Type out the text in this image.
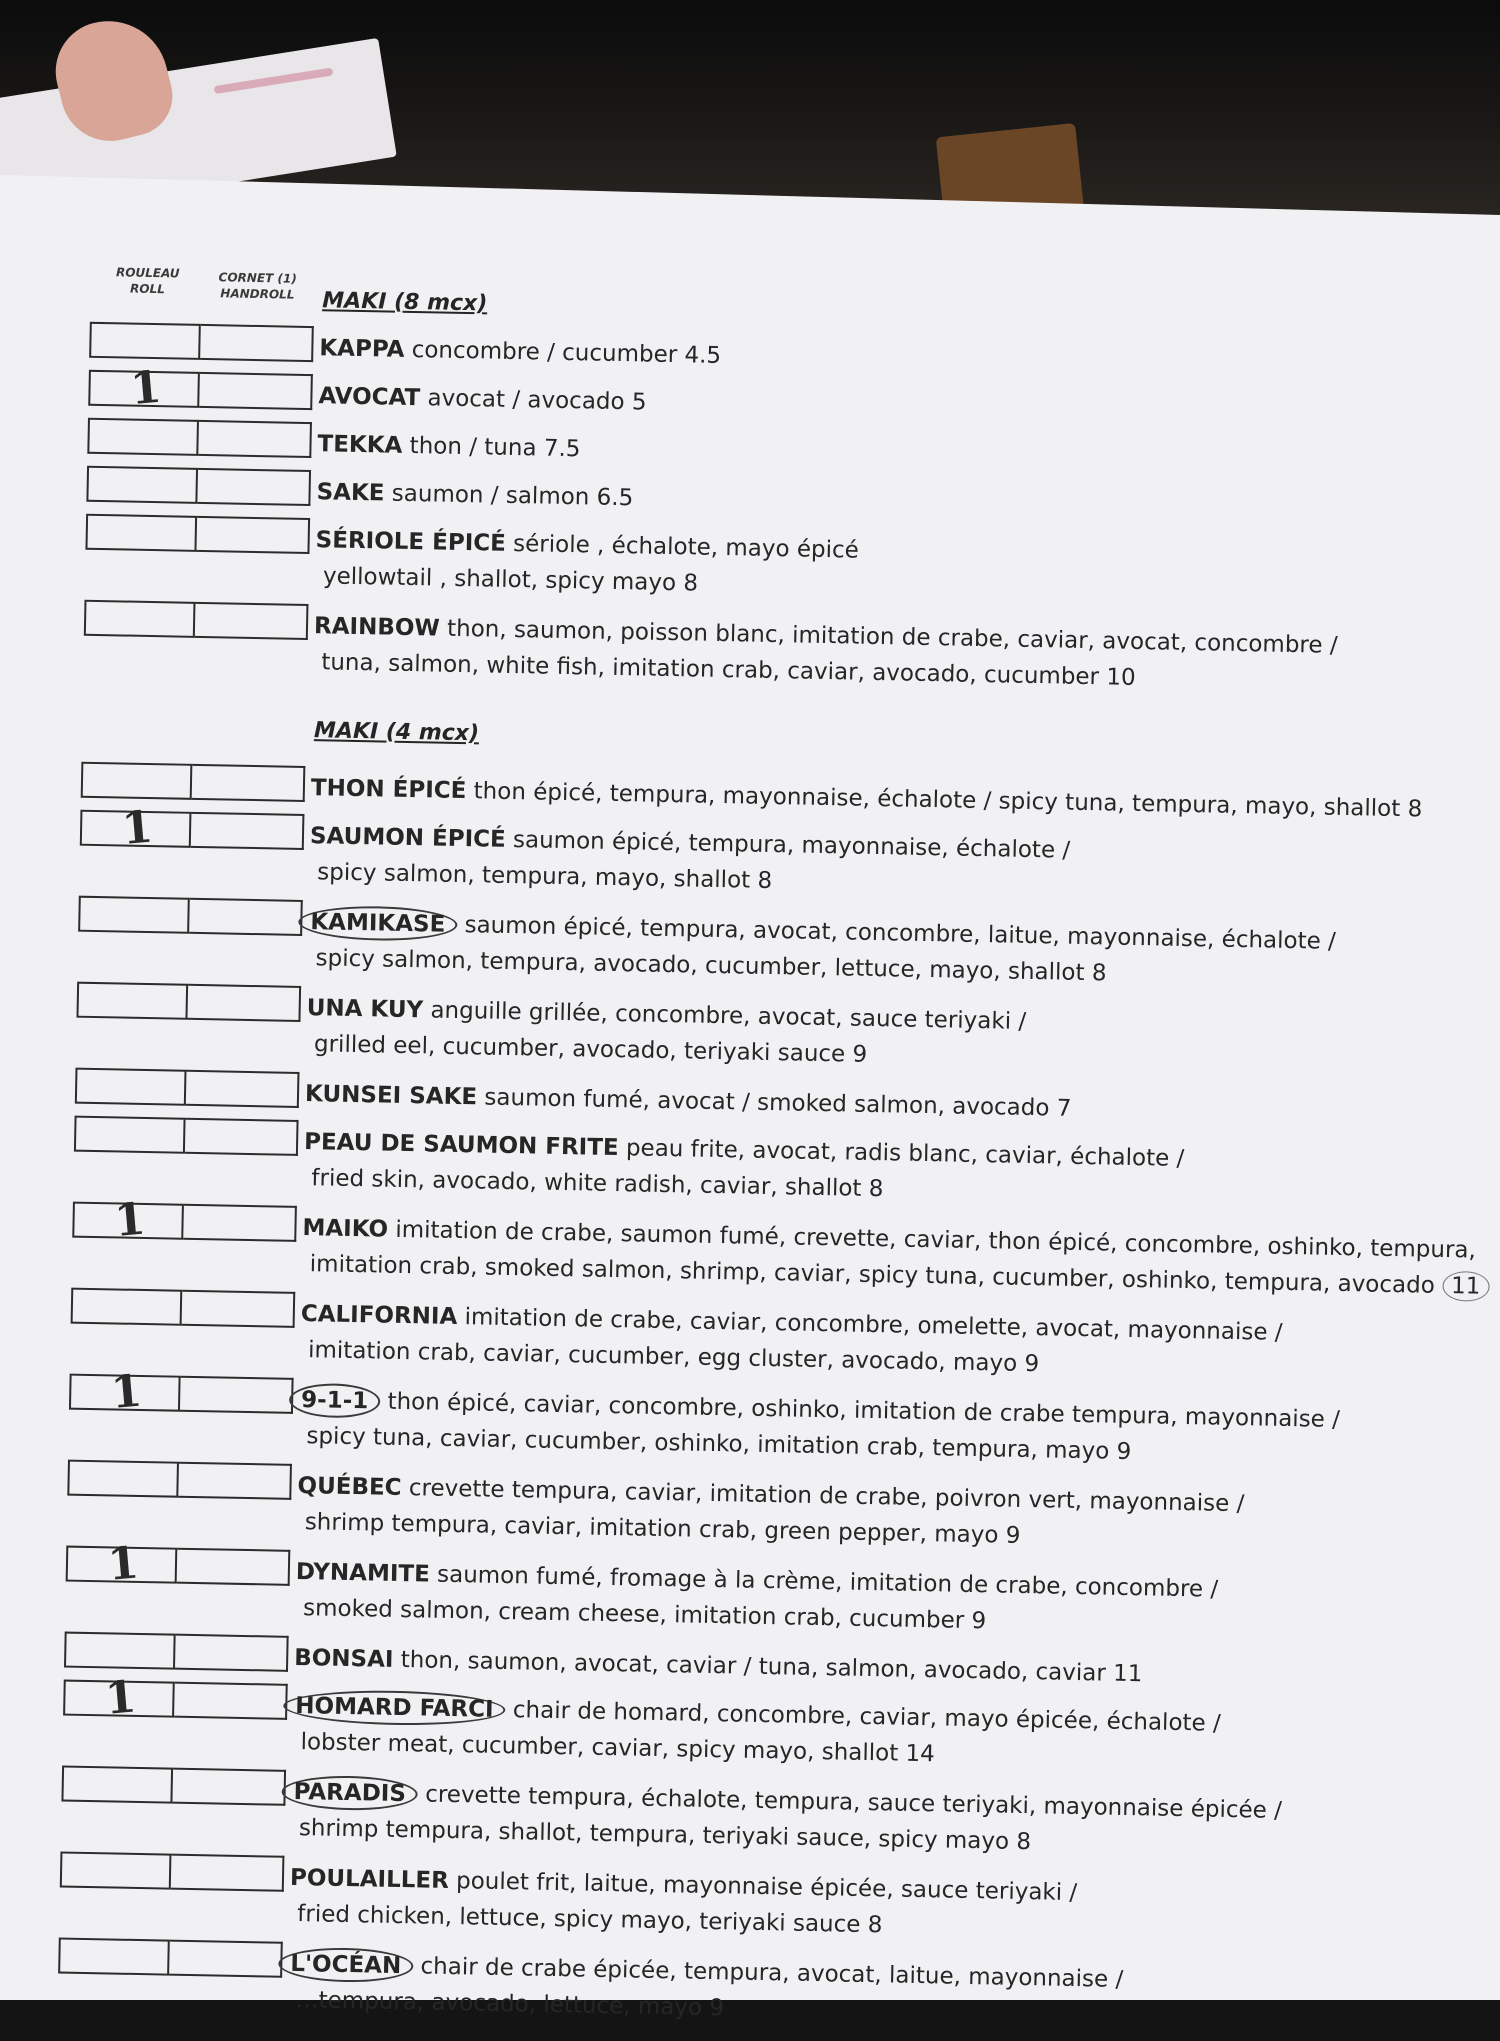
ROULEAU
ROLL
CORNET (1)
HANDROLL	MAKI (8 mcx)
KAPPA concombre / cucumber 4.5
1	AVOCAT avocat / avocado 5
TEKKA thon / tuna 7.5
SAKE saumon / salmon 6.5
SÉRIOLE ÉPICÉ sériole , échalote, mayo épicé
yellowtail , shallot, spicy mayo 8
RAINBOW thon, saumon, poisson blanc, imitation de crabe, caviar, avocat, concombre /
tuna, salmon, white fish, imitation crab, caviar, avocado, cucumber 10
MAKI (4 mcx)
THON ÉPICÉ thon épicé, tempura, mayonnaise, échalote / spicy tuna, tempura, mayo, shallot 8
1	SAUMON ÉPICÉ saumon épicé, tempura, mayonnaise, échalote /
spicy salmon, tempura, mayo, shallot 8
KAMIKASE saumon épicé, tempura, avocat, concombre, laitue, mayonnaise, échalote /
spicy salmon, tempura, avocado, cucumber, lettuce, mayo, shallot 8
UNA KUY anguille grillée, concombre, avocat, sauce teriyaki /
grilled eel, cucumber, avocado, teriyaki sauce 9
KUNSEI SAKE saumon fumé, avocat / smoked salmon, avocado 7
PEAU DE SAUMON FRITE peau frite, avocat, radis blanc, caviar, échalote /
fried skin, avocado, white radish, caviar, shallot 8
1	MAIKO imitation de crabe, saumon fumé, crevette, caviar, thon épicé, concombre, oshinko, tempura,
imitation crab, smoked salmon, shrimp, caviar, spicy tuna, cucumber, oshinko, tempura, avocado 11
CALIFORNIA imitation de crabe, caviar, concombre, omelette, avocat, mayonnaise /
imitation crab, caviar, cucumber, egg cluster, avocado, mayo 9
1	9-1-1 thon épicé, caviar, concombre, oshinko, imitation de crabe tempura, mayonnaise /
spicy tuna, caviar, cucumber, oshinko, imitation crab, tempura, mayo 9
QUÉBEC crevette tempura, caviar, imitation de crabe, poivron vert, mayonnaise /
shrimp tempura, caviar, imitation crab, green pepper, mayo 9
1	DYNAMITE saumon fumé, fromage à la crème, imitation de crabe, concombre /
smoked salmon, cream cheese, imitation crab, cucumber 9
BONSAI thon, saumon, avocat, caviar / tuna, salmon, avocado, caviar 11
1	HOMARD FARCI chair de homard, concombre, caviar, mayo épicée, échalote /
lobster meat, cucumber, caviar, spicy mayo, shallot 14
PARADIS crevette tempura, échalote, tempura, sauce teriyaki, mayonnaise épicée /
shrimp tempura, shallot, tempura, teriyaki sauce, spicy mayo 8
POULAILLER poulet frit, laitue, mayonnaise épicée, sauce teriyaki /
fried chicken, lettuce, spicy mayo, teriyaki sauce 8
L'OCÉAN chair de crabe épicée, tempura, avocat, laitue, mayonnaise /
…tempura, avocado, lettuce, mayo 9
